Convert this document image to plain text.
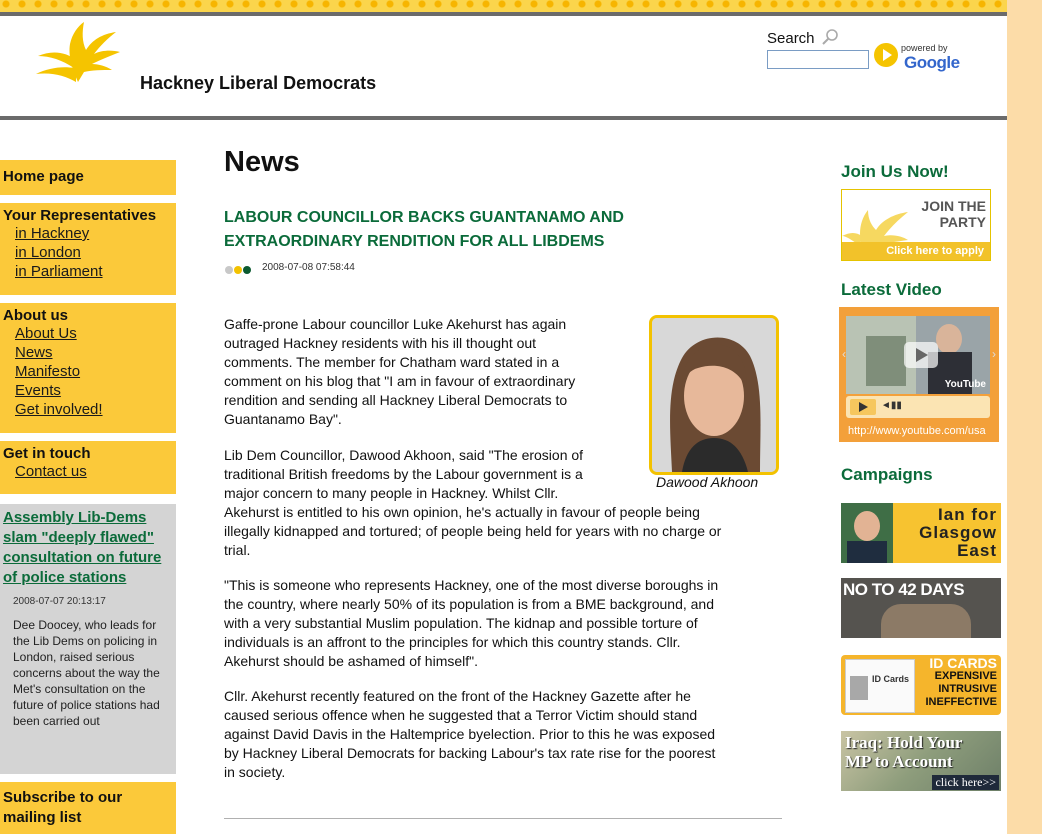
Hackney Liberal Democrats
Search
powered by
Google
Home page
Your Representatives
in Hackney
in London
in Parliament
About us
About Us
News
Manifesto
Events
Get involved!
Get in touch
Contact us
Assembly Lib-Dems slam "deeply flawed" consultation on future of police stations
2008-07-07 20:13:17
Dee Doocey, who leads for the Lib Dems on policing in London, raised serious concerns about the way the Met's consultation on the future of police stations had been carried out
Subscribe to our mailing list
News
LABOUR COUNCILLOR BACKS GUANTANAMO AND
EXTRAORDINARY RENDITION FOR ALL LIBDEMS
2008-07-08 07:58:44
Dawood Akhoon
Gaffe-prone Labour councillor Luke Akehurst has again
outraged Hackney residents with his ill thought out
comments. The member for Chatham ward stated in a
comment on his blog that "I am in favour of extraordinary
rendition and sending all Hackney Liberal Democrats to
Guantanamo Bay".
Lib Dem Councillor, Dawood Akhoon, said "The erosion of
traditional British freedoms by the Labour government is a
major concern to many people in Hackney. Whilst Cllr.
Akehurst is entitled to his own opinion, he's actually in favour of people being
illegally kidnapped and tortured; of people being held for years with no charge or
trial.
"This is someone who represents Hackney, one of the most diverse boroughs in
the country, where nearly 50% of its population is from a BME background, and
with a very substantial Muslim population. The kidnap and possible torture of
individuals is an affront to the principles for which this country stands. Cllr.
Akehurst should be ashamed of himself".
Cllr. Akehurst recently featured on the front of the Hackney Gazette after he
caused serious offence when he suggested that a Terror Victim should stand
against David Davis in the Haltemprice byelection. Prior to this he was exposed
by Hackney Liberal Democrats for backing Labour's tax rate rise for the poorest
in society.
Join Us Now!
JOIN THE
PARTY
Click here to apply
Latest Video
YouTube
‹	›
◄▮▮
http://www.youtube.com/usa
Campaigns
Ian for
Glasgow
East
NO TO 42 DAYS
ID Cards
ID CARDS
EXPENSIVE
INTRUSIVE
INEFFECTIVE
Iraq: Hold Your
MP to Account
click here>>
